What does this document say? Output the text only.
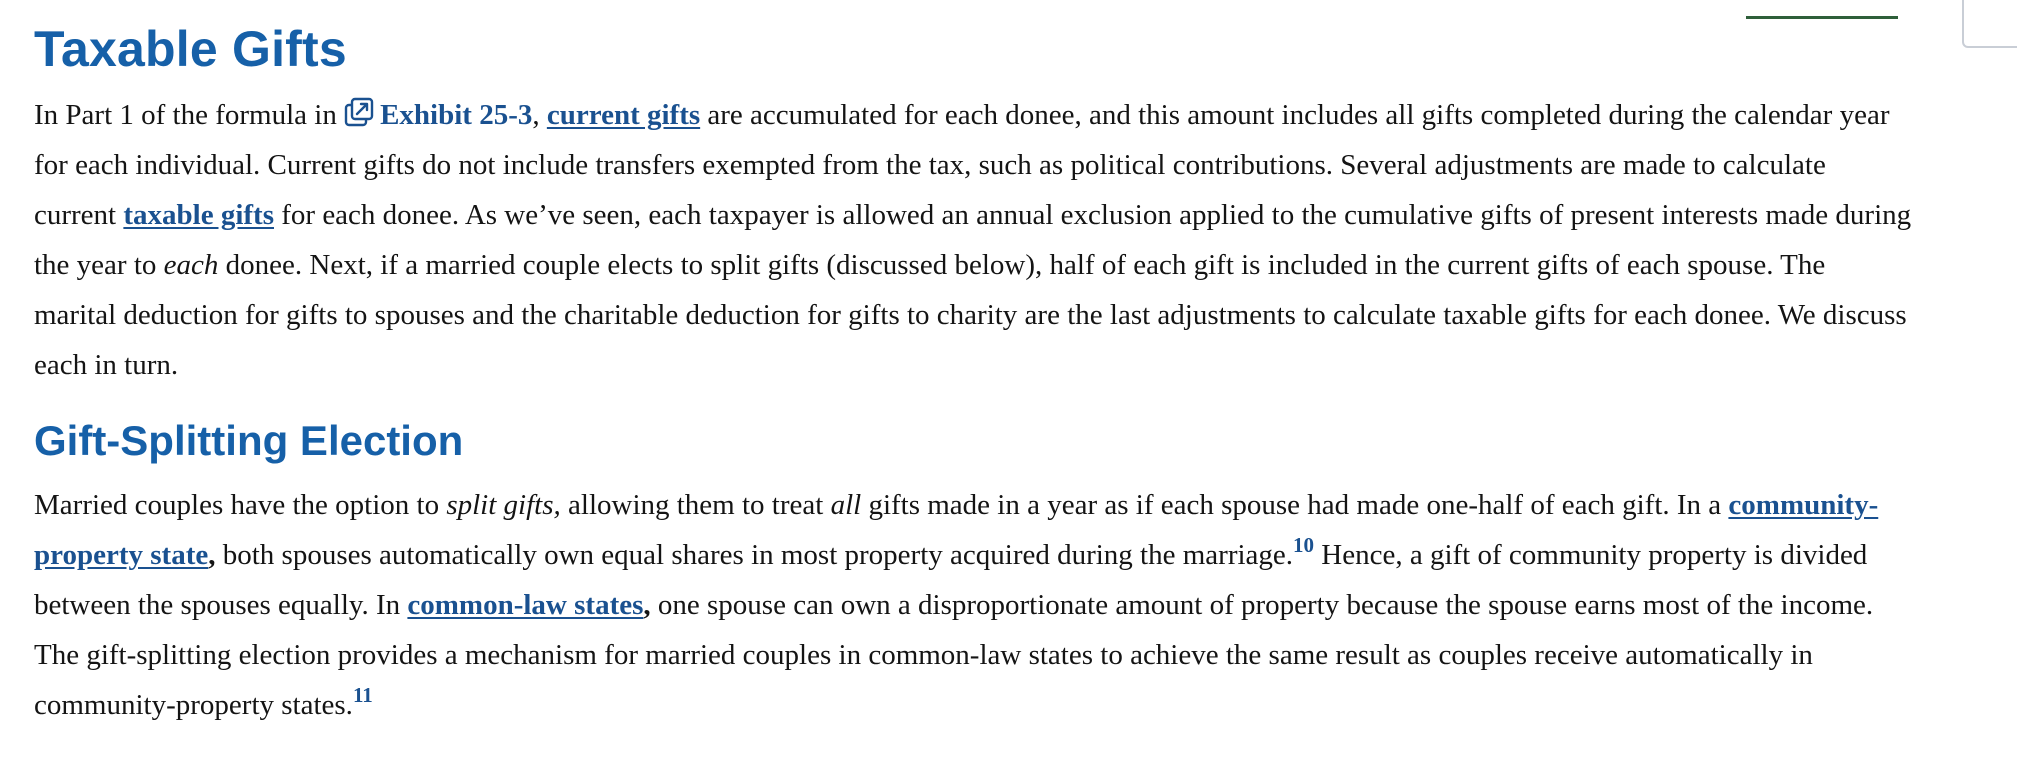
Taxable Gifts

In Part 1 of the formula in Exhibit 25-3, current gifts are accumulated for each donee, and this amount includes all gifts completed during the calendar year for each individual. Current gifts do not include transfers exempted from the tax, such as political contributions. Several adjustments are made to calculate current taxable gifts for each donee. As we’ve seen, each taxpayer is allowed an annual exclusion applied to the cumulative gifts of present interests made during the year to each donee. Next, if a married couple elects to split gifts (discussed below), half of each gift is included in the current gifts of each spouse. The marital deduction for gifts to spouses and the charitable deduction for gifts to charity are the last adjustments to calculate taxable gifts for each donee. We discuss each in turn.

Gift-Splitting Election

Married couples have the option to split gifts, allowing them to treat all gifts made in a year as if each spouse had made one-half of each gift. In a community-property state, both spouses automatically own equal shares in most property acquired during the marriage.$^{10}$ Hence, a gift of community property is divided between the spouses equally. In common-law states, one spouse can own a disproportionate amount of property because the spouse earns most of the income. The gift-splitting election provides a mechanism for married couples in common-law states to achieve the same result as couples receive automatically in community-property states.$^{11}$
